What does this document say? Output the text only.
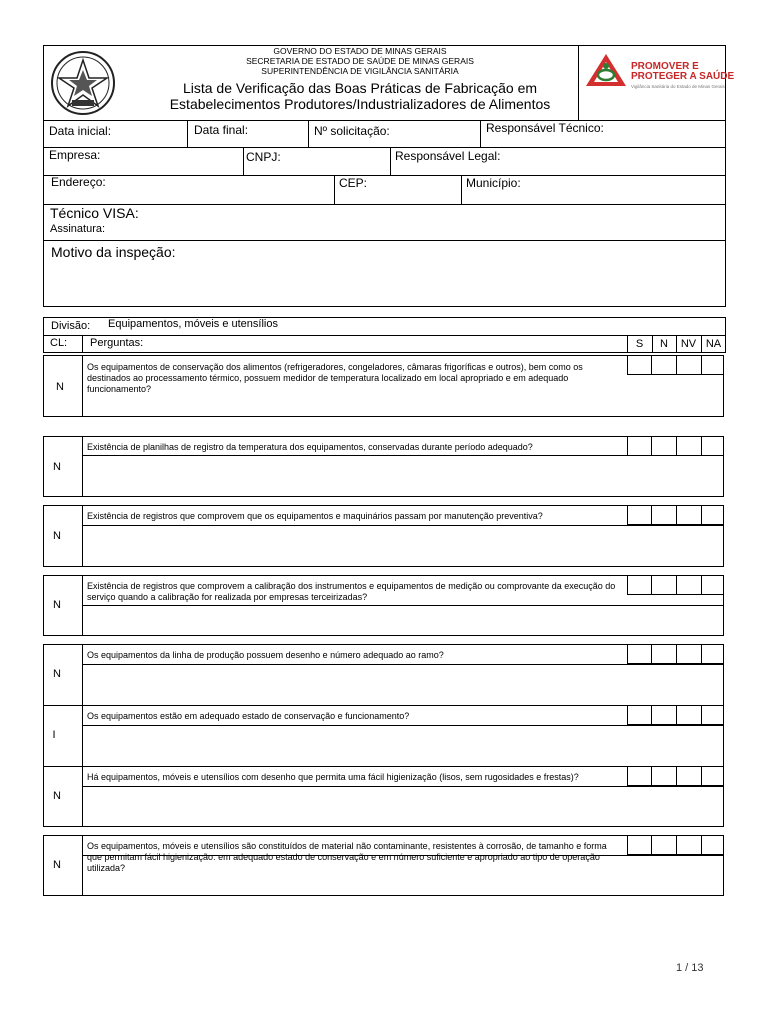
GOVERNO DO ESTADO DE MINAS GERAIS
SECRETARIA DE ESTADO DE SAÚDE DE MINAS GERAIS
SUPERINTENDÊNCIA DE VIGILÂNCIA SANITÁRIA
Lista de Verificação das Boas Práticas de Fabricação em
Estabelecimentos Produtores/Industrializadores de Alimentos
PROMOVER E
PROTEGER A SAÚDE
Vigilância Sanitária do Estado de Minas Gerais
Data inicial:	Data final:	Nº solicitação:	Responsável Técnico:
Empresa:	CNPJ:	Responsável Legal:
Endereço:	CEP:	Município:
Técnico VISA:
Assinatura:
Motivo da inspeção:
Divisão: Equipamentos, móveis e utensílios
CL: Perguntas:	S	N	NV NA
N
Os equipamentos de conservação dos alimentos (refrigeradores, congeladores, câmaras frigoríficas e outros), bem como os destinados ao processamento térmico, possuem medidor de temperatura localizado em local apropriado e em adequado funcionamento?
N
Existência de planilhas de registro da temperatura dos equipamentos, conservadas durante período adequado?
N
Existência de registros que comprovem que os equipamentos e maquinários passam por manutenção preventiva?
N
Existência de registros que comprovem a calibração dos instrumentos e equipamentos de medição ou comprovante da execução do serviço quando a calibração for realizada por empresas terceirizadas?
N
Os equipamentos da linha de produção possuem desenho e número adequado ao ramo?
I
Os equipamentos estão em adequado estado de conservação e funcionamento?
N
Há equipamentos, móveis e utensílios com desenho que permita uma fácil higienização (lisos, sem rugosidades e frestas)?
N
Os equipamentos, móveis e utensílios são constituídos de material não contaminante, resistentes à corrosão, de tamanho e forma que permitam fácil higienização: em adequado estado de conservação e em número suficiente e apropriado ao tipo de operação utilizada?
1 / 13
